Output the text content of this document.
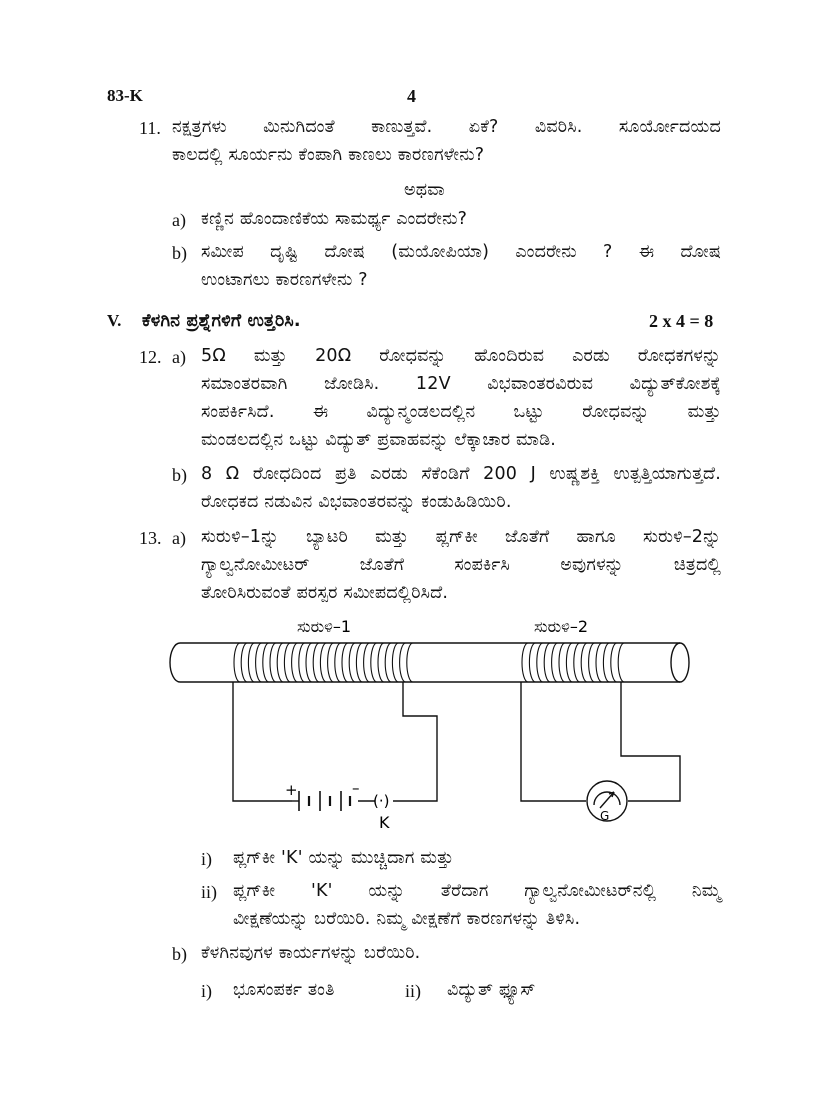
83-K	4
11. ನಕ್ಷತ್ರಗಳು ಮಿನುಗಿದಂತೆ ಕಾಣುತ್ತವೆ. ಏಕೆ? ವಿವರಿಸಿ. ಸೂರ್ಯೋದಯದ
ಕಾಲದಲ್ಲಿ ಸೂರ್ಯನು ಕೆಂಪಾಗಿ ಕಾಣಲು ಕಾರಣಗಳೇನು?
ಅಥವಾ
a) ಕಣ್ಣಿನ ಹೊಂದಾಣಿಕೆಯ ಸಾಮರ್ಥ್ಯ ಎಂದರೇನು?
b) ಸಮೀಪ ದೃಷ್ಟಿ ದೋಷ (ಮಯೋಪಿಯಾ) ಎಂದರೇನು ? ಈ ದೋಷ
ಉಂಟಾಗಲು ಕಾರಣಗಳೇನು ?
V. ಕೆಳಗಿನ ಪ್ರಶ್ನೆಗಳಿಗೆ ಉತ್ತರಿಸಿ.	2 x 4 = 8
12. a) 5Ω ಮತ್ತು 20Ω ರೋಧವನ್ನು ಹೊಂದಿರುವ ಎರಡು ರೋಧಕಗಳನ್ನು
ಸಮಾಂತರವಾಗಿ ಜೋಡಿಸಿ. 12V ವಿಭವಾಂತರವಿರುವ ವಿದ್ಯುತ್‌ಕೋಶಕ್ಕೆ
ಸಂಪರ್ಕಿಸಿದೆ. ಈ ವಿದ್ಯುನ್ಮಂಡಲದಲ್ಲಿನ ಒಟ್ಟು ರೋಧವನ್ನು ಮತ್ತು
ಮಂಡಲದಲ್ಲಿನ ಒಟ್ಟು ವಿದ್ಯುತ್ ಪ್ರವಾಹವನ್ನು ಲೆಕ್ಕಾಚಾರ ಮಾಡಿ.
b) 8 Ω ರೋಧದಿಂದ ಪ್ರತಿ ಎರಡು ಸೆಕೆಂಡಿಗೆ 200 J ಉಷ್ಣಶಕ್ತಿ ಉತ್ಪತ್ತಿಯಾಗುತ್ತದೆ.
ರೋಧಕದ ನಡುವಿನ ವಿಭವಾಂತರವನ್ನು ಕಂಡುಹಿಡಿಯಿರಿ.
13. a) ಸುರುಳಿ–1ನ್ನು ಬ್ಯಾಟರಿ ಮತ್ತು ಪ್ಲಗ್‌ಕೀ ಜೊತೆಗೆ ಹಾಗೂ ಸುರುಳಿ–2ನ್ನು
ಗ್ಯಾಲ್ವನೋಮೀಟರ್ ಜೊತೆಗೆ ಸಂಪರ್ಕಿಸಿ ಅವುಗಳನ್ನು ಚಿತ್ರದಲ್ಲಿ
ತೋರಿಸಿರುವಂತೆ ಪರಸ್ಪರ ಸಮೀಪದಲ್ಲಿರಿಸಿದೆ.
ಸುರುಳಿ–1	ಸುರುಳಿ–2
+	–
(·)
K	G
i) ಪ್ಲಗ್‌ಕೀ 'K' ಯನ್ನು ಮುಚ್ಚಿದಾಗ ಮತ್ತು
ii) ಪ್ಲಗ್‌ಕೀ 'K' ಯನ್ನು ತೆರೆದಾಗ ಗ್ಯಾಲ್ವನೋಮೀಟರ್‌ನಲ್ಲಿ ನಿಮ್ಮ
ವೀಕ್ಷಣೆಯನ್ನು ಬರೆಯಿರಿ. ನಿಮ್ಮ ವೀಕ್ಷಣೆಗೆ ಕಾರಣಗಳನ್ನು ತಿಳಿಸಿ.
b) ಕೆಳಗಿನವುಗಳ ಕಾರ್ಯಗಳನ್ನು ಬರೆಯಿರಿ.
i) ಭೂಸಂಪರ್ಕ ತಂತಿ	ii) ವಿದ್ಯುತ್ ಫ್ಯೂಸ್
